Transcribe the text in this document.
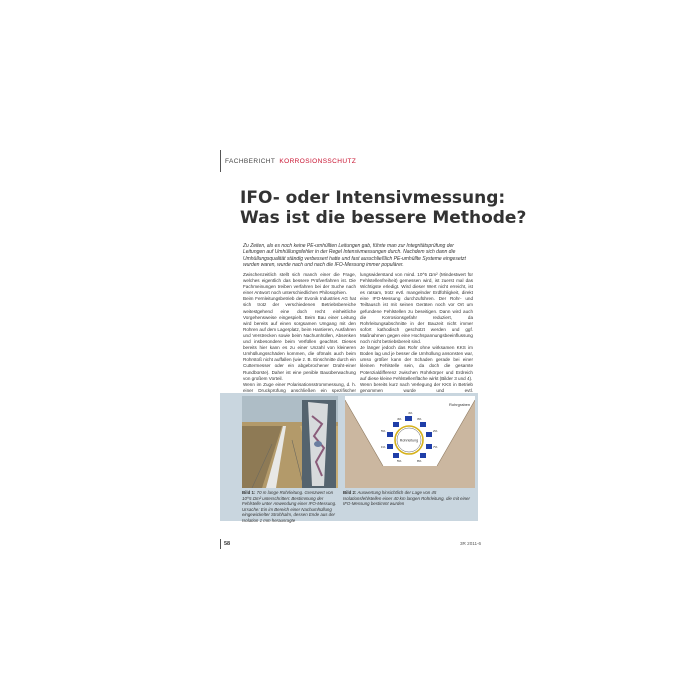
FACHBERICHT KORROSIONSSCHUTZ
IFO- oder Intensivmessung:
Was ist die bessere Methode?
Zu Zeiten, als es noch keine PE-umhüllten Leitungen gab, führte man zur Integritätsprüfung der Leitungen auf Umhüllungsfehler in der Regel Intensivmessungen durch. Nachdem sich dann die Umhüllungsqualität ständig verbessert hatte und fast ausschließlich PE-umhüllte Systeme eingesetzt wurden waren, wurde nach und nach die IFO-Messung immer populärer.

Zwischenzeitlich stellt sich manch einer die Frage, welches eigentlich das bessere Prüfverfahren ist. Die Fachmeinungen treiben verfahren bei der Suche nach einer Antwort noch unterschiedlichen Philosophien.

Beim Fernleitungsbetrieb der Evonik Industries AG hat sich trotz der verschiedenen Betriebsbereiche weitestgehend eine doch recht einheitliche Vorgehensweise eingespielt. Beim Bau einer Leitung wird bereits auf einen sorgsamen Umgang mit den Rohren auf dem Lagerplatz, beim Hantieren, Ausfahren und Verstrecken sowie beim Nachumhüllen, Absenken und insbesondere beim Verfüllen geachtet. Dieses bereits hier kann es zu einer Unzahl von kleineren Umhüllungsschäden kommen, die oftmals auch beim Rohrstoß nicht auffallen (wie z. B. Einschnitte durch ein Cuttermesser oder ein abgebrochener Draht-einer Rundbürste). Daher ist eine penible Bauüberwachung von großem Vorteil.

Wenn im Zuge einer Polarisationsstrommessung, d. h. einer Druckprüfung anschließen ein spezifischer

lungswiderstand von mind. 10^5 Ωm² (Mindestwert für Fehlstellenfreiheit) gemessen wird, ist zuerst mal das Wichtigste erledigt. Wird dieser Wert nicht erreicht, ist es ratsam, trotz evtl. mangelnder Erdfühligkeit, direkt eine IFO-Messung durchzuführen. Der Rohr- und Teiltausch ist mit seinen Geräten noch vor Ort um gefundene Fehlstellen zu beseitigen. Dann wird auch die Korrosionsgefahr reduziert, da Rohrleitungsabschnitte in der Bauzeit nicht immer sofort kathodisch geschützt werden und ggf. Maßnahmen gegen eine Hochspannungsbeeinflussung noch nicht betriebsbereit sind.

Je länger jedoch das Rohr ohne wirksamen KKS im Boden lag und je besser die Umhüllung ansonsten war, umso größer kann der Schaden gerade bei einer kleinen Fehlstelle sein, da doch die gesamte Potenzialdifferenz zwischen Rohrkörper und Erdreich auf diese kleine Fehlstellenfläche wirkt (Bilder 3 und 4).

Wenn bereits kurz nach Verlegung der KKS in Betrieb genommen wurde und evtl.

Rohrgraben
Rohrleitung
4%
4%	3%
5%	2%
1%	7%
5%	8%
Bild 1: 70 m lange Rohrleitung. Grenzwert von 10^5 Ωm² unterschritten: Bestimmung der Fehlstelle unter Anwendung einer IFO-Messung. Ursache: Ein im Bereich einer Nachumhüllung eingewickelter Strohhalm, dessen Ende aus der Isolation 1 mm herausragte
Bild 2: Auswertung hinsichtlich der Lage von 45 Isolationsfehlstellen einer 40 km langen Rohrleitung, die mit einer IFO-Messung bestimmt wurden
58	3R 2011-6
